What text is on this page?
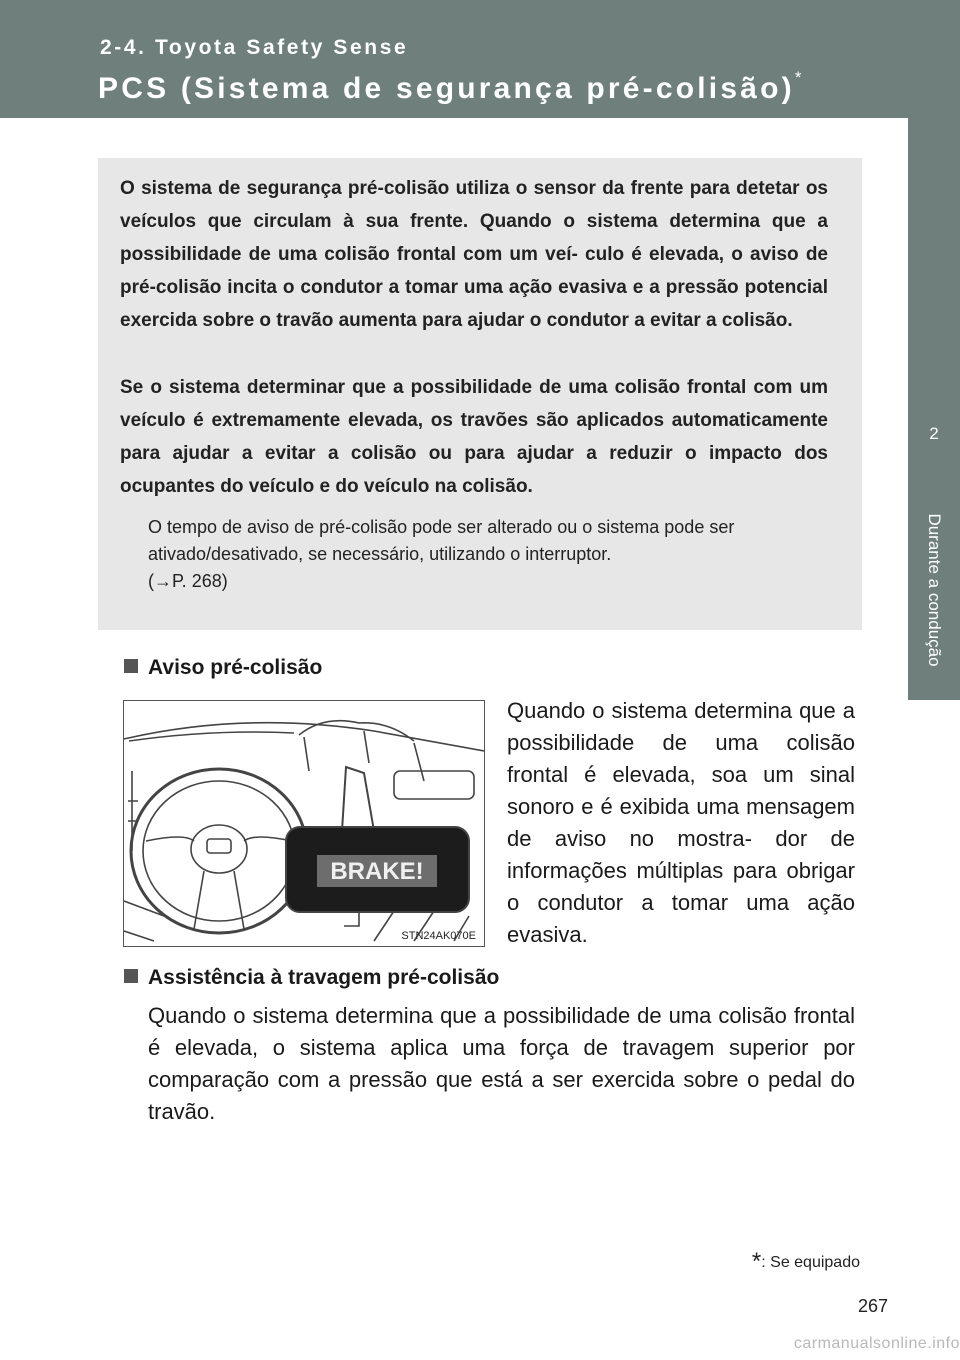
2-4. Toyota Safety Sense
PCS (Sistema de segurança pré-colisão)*
2
Durante a condução

O sistema de segurança pré-colisão utiliza o sensor da frente para detetar os veículos que circulam à sua frente. Quando o sistema determina que a possibilidade de uma colisão frontal com um veí- culo é elevada, o aviso de pré-colisão incita o condutor a tomar uma ação evasiva e a pressão potencial exercida sobre o travão aumenta para ajudar o condutor a evitar a colisão.

Se o sistema determinar que a possibilidade de uma colisão frontal com um veículo é extremamente elevada, os travões são aplicados automaticamente para ajudar a evitar a colisão ou para ajudar a reduzir o impacto dos ocupantes do veículo e do veículo na colisão.

O tempo de aviso de pré-colisão pode ser alterado ou o sistema pode ser ativado/desativado, se necessário, utilizando o interruptor.
(→P. 268)

Aviso pré-colisão
BRAKE!
STN24AK070E

Quando o sistema determina que a possibilidade de uma colisão frontal é elevada, soa um sinal sonoro e é exibida uma mensagem de aviso no mostra- dor de informações múltiplas para obrigar o condutor a tomar uma ação evasiva.

Assistência à travagem pré-colisão

Quando o sistema determina que a possibilidade de uma colisão frontal é elevada, o sistema aplica uma força de travagem superior por comparação com a pressão que está a ser exercida sobre o pedal do travão.

*: Se equipado
267
carmanualsonline.info
